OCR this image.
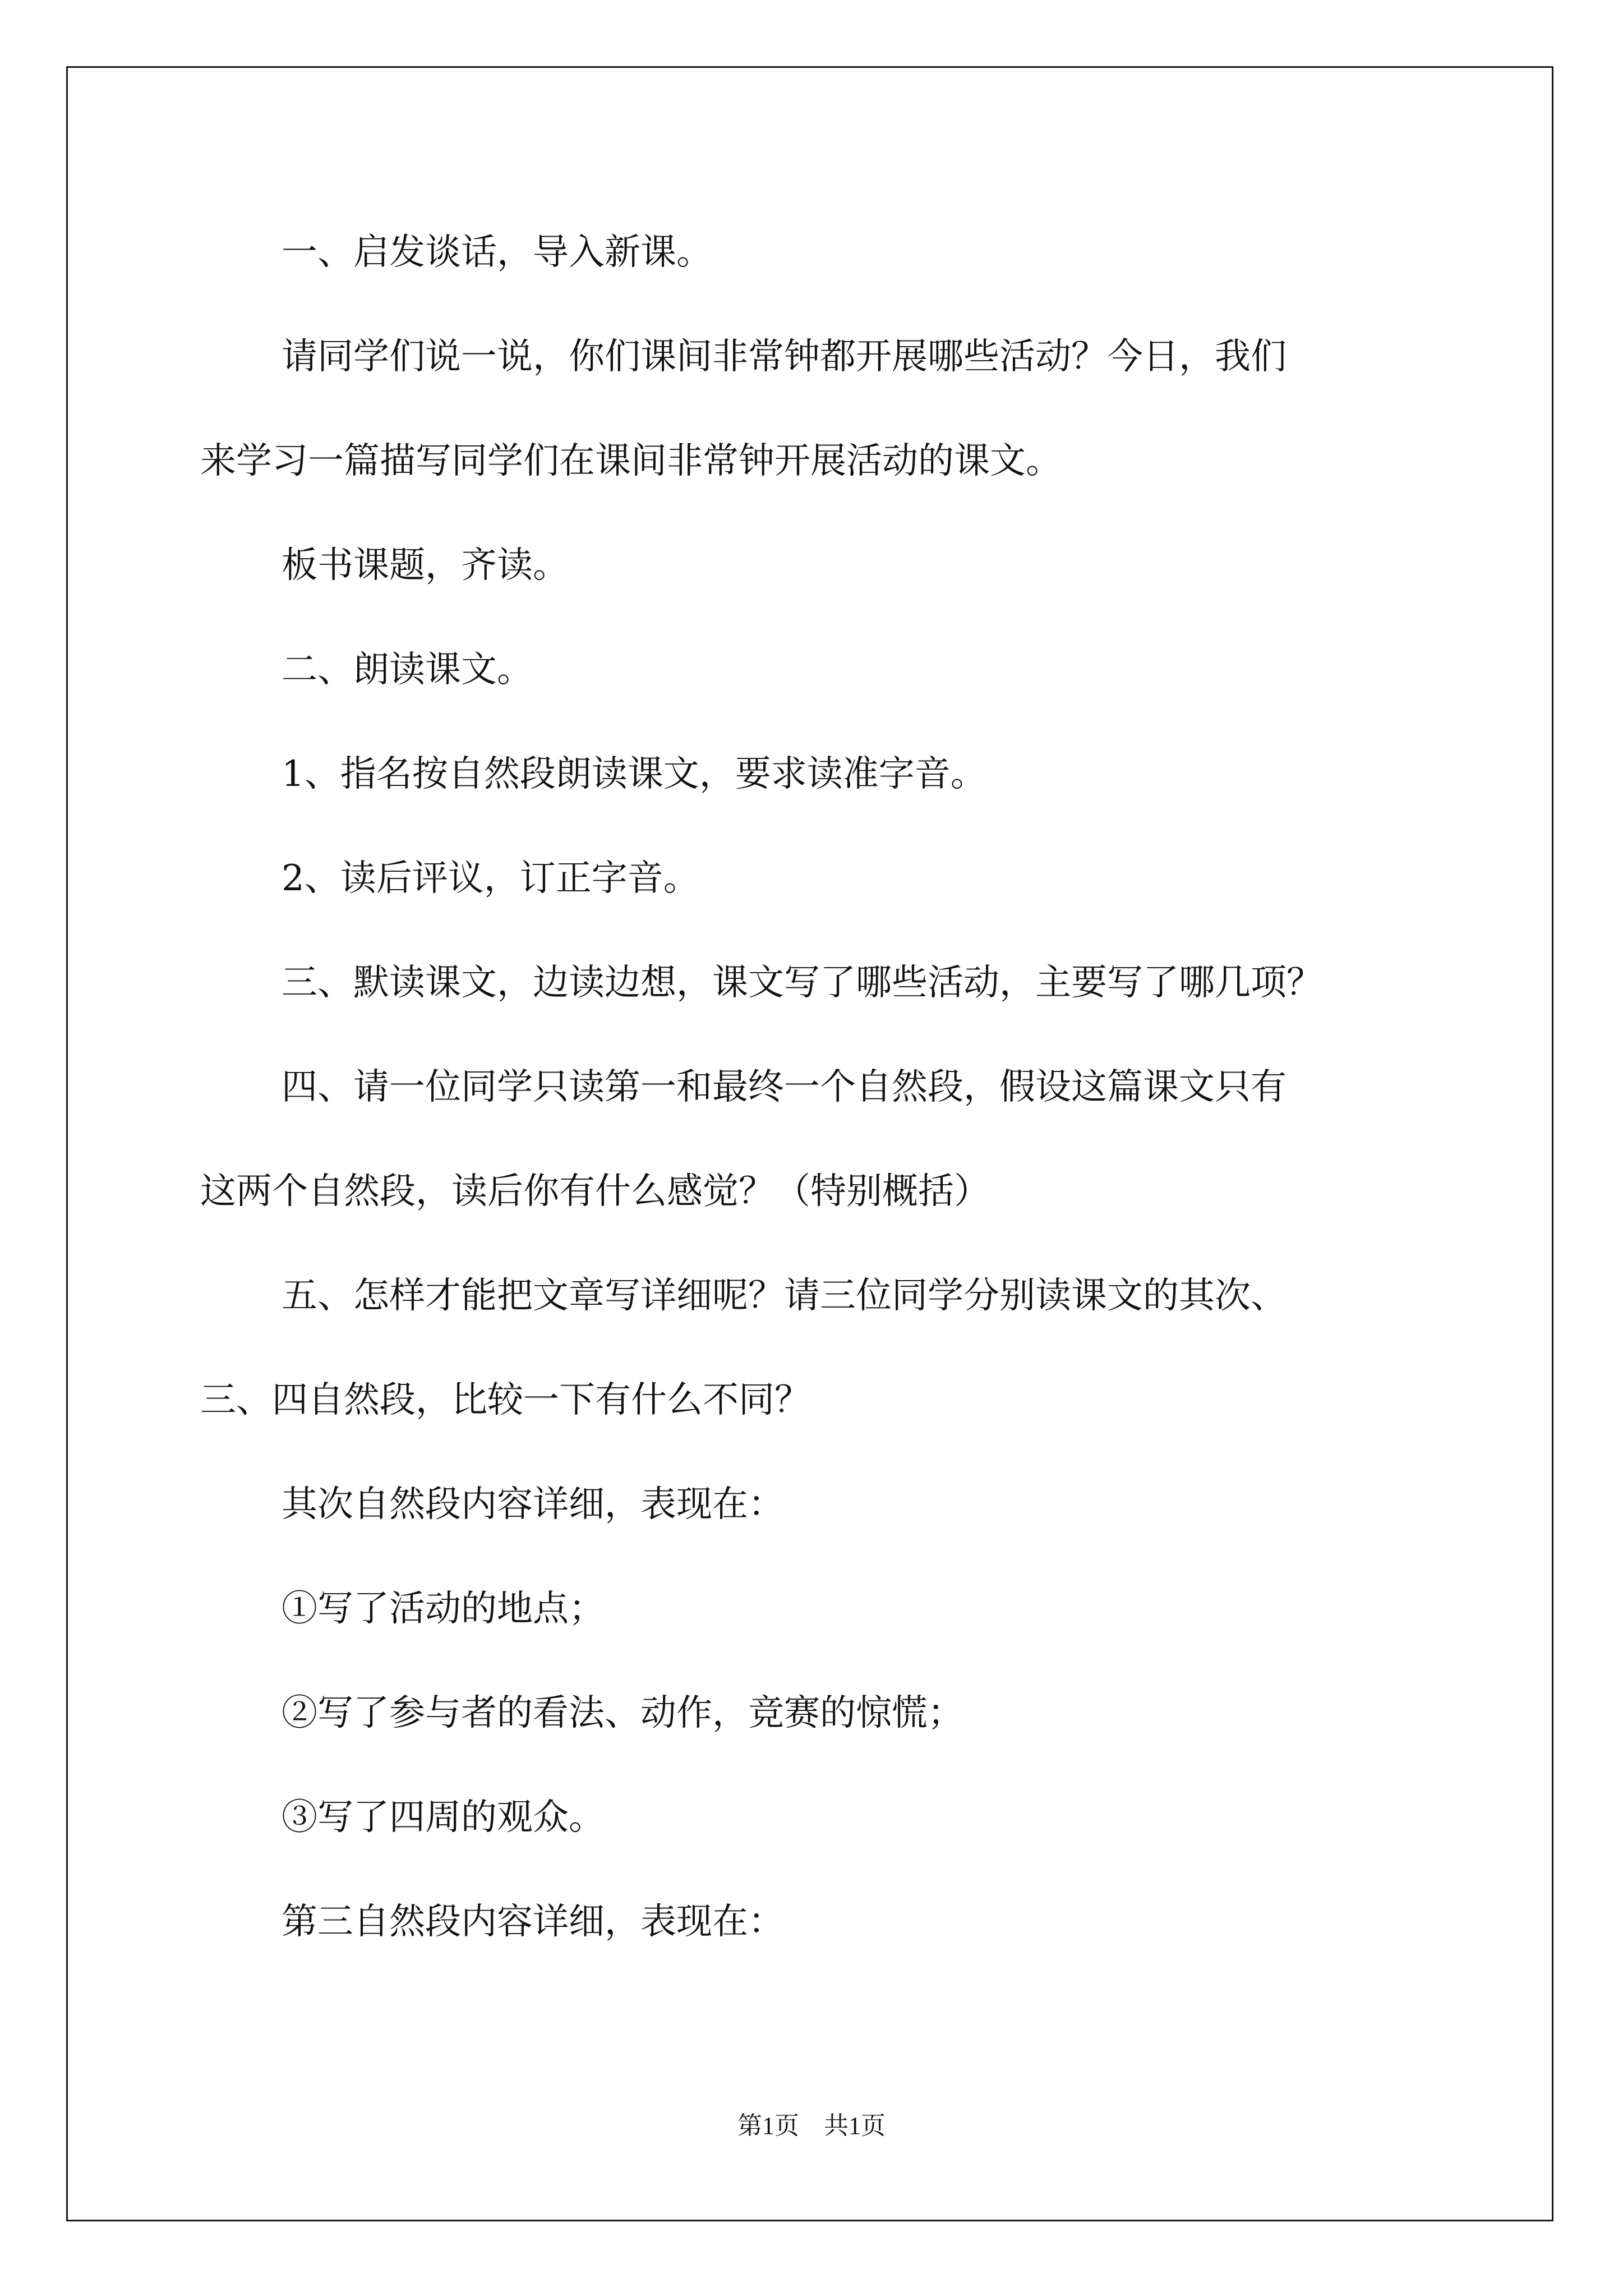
一、启发谈话，导入新课。

请同学们说一说，你们课间非常钟都开展哪些活动？今日，我们

来学习一篇描写同学们在课间非常钟开展活动的课文。

板书课题，齐读。

二、朗读课文。

1、指名按自然段朗读课文，要求读准字音。

2、读后评议，订正字音。

三、默读课文，边读边想，课文写了哪些活动，主要写了哪几项？

四、请一位同学只读第一和最终一个自然段，假设这篇课文只有

这两个自然段，读后你有什么感觉？（特别概括）

五、怎样才能把文章写详细呢？请三位同学分别读课文的其次、

三、四自然段，比较一下有什么不同？

其次自然段内容详细，表现在：

①写了活动的地点；

②写了参与者的看法、动作，竞赛的惊慌；

③写了四周的观众。

第三自然段内容详细，表现在：

第1页　共1页
